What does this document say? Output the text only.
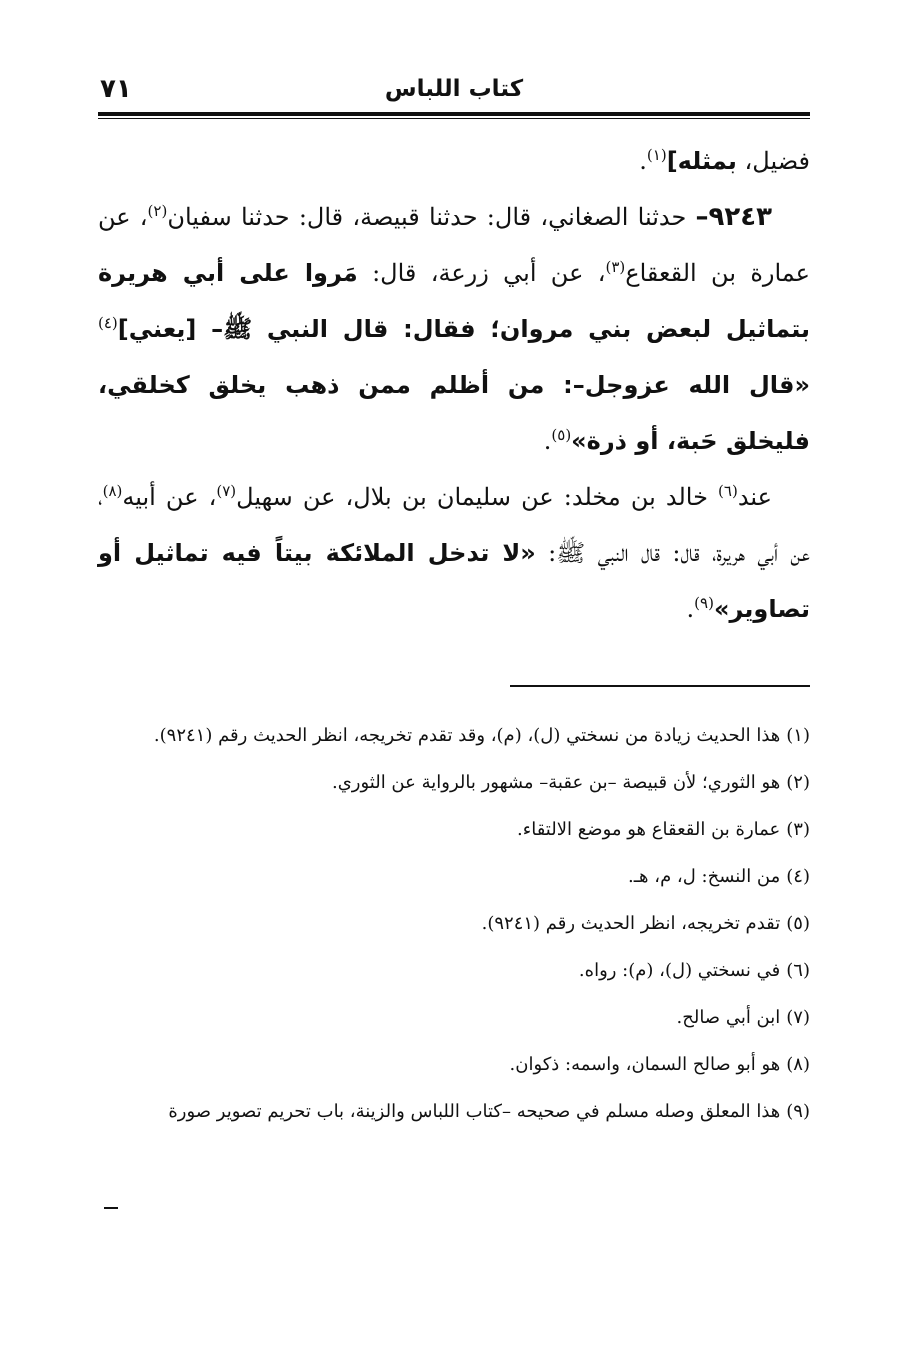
كتاب اللباس
٧١

فضيل، بمثله]$^{(١)}$.

٩٢٤٣– حدثنا الصغاني، قال: حدثنا قبيصة، قال: حدثنا سفيان$^{(٢)}$، عن عمارة بن القعقاع$^{(٣)}$، عن أبي زرعة، قال: مَروا على أبي هريرة بتماثيل لبعض بني مروان؛ فقال: قال النبي ﷺ– [يعني]$^{(٤)}$ «قال الله عزوجل–: من أظلم ممن ذهب يخلق كخلقي، فليخلق حَبة، أو ذرة»$^{(٥)}$.

عند$^{(٦)}$ خالد بن مخلد: عن سليمان بن بلال، عن سهيل$^{(٧)}$، عن أبيه$^{(٨)}$، عن أبي هريرة، قال: قال النبي ﷺ: «لا تدخل الملائكة بيتاً فيه تماثيل أو تصاوير»$^{(٩)}$.

(١)
هذا الحديث زيادة من نسختي (ل)، (م)، وقد تقدم تخريجه، انظر الحديث رقم (٩٢٤١).

(٢)
هو الثوري؛ لأن قبيصة –بن عقبة– مشهور بالرواية عن الثوري.

(٣)
عمارة بن القعقاع هو موضع الالتقاء.

(٤)
من النسخ: ل، م، هـ.

(٥)
تقدم تخريجه، انظر الحديث رقم (٩٢٤١).

(٦)
في نسختي (ل)، (م): رواه.

(٧)
ابن أبي صالح.

(٨)
هو أبو صالح السمان، واسمه: ذكوان.

(٩)
هذا المعلق وصله مسلم في صحيحه –كتاب اللباس والزينة، باب تحريم تصوير صورة
